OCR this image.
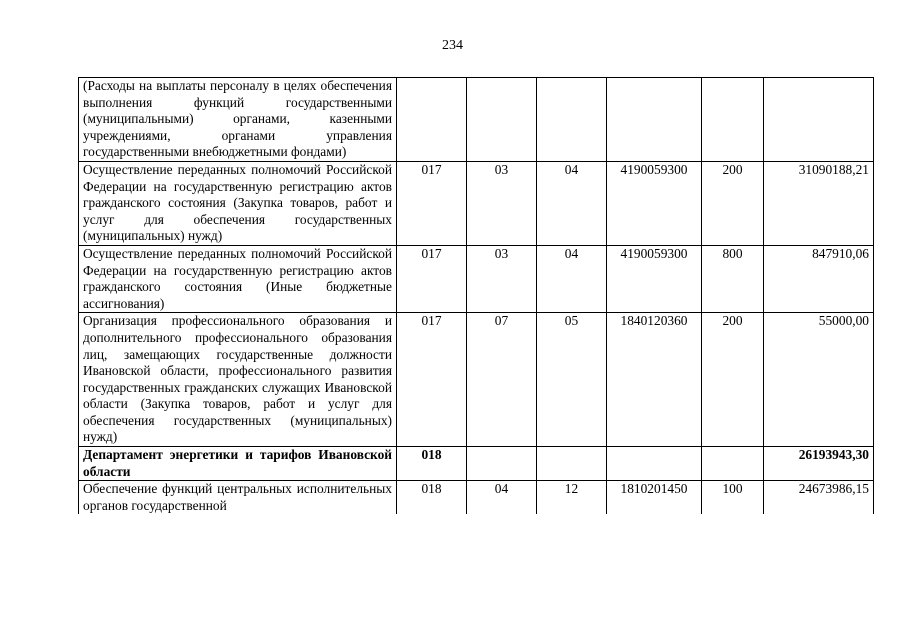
234
(Расходы на выплаты персоналу в целях обеспечения выполнения функций государственными (муниципальными) органами, казенными учреждениями, органами управления государственными внебюджетными фондами)						
Осуществление переданных полномочий Российской Федерации на государственную регистрацию актов гражданского состояния (Закупка товаров, работ и услуг для обеспечения государственных (муниципальных) нужд)	017	03	04	4190059300	200	31090188,21
Осуществление переданных полномочий Российской Федерации на государственную регистрацию актов гражданского состояния (Иные бюджетные ассигнования)	017	03	04	4190059300	800	847910,06
Организация профессионального образования и дополнительного профессионального образования лиц, замещающих государственные должности Ивановской области, профессионального развития государственных гражданских служащих Ивановской области (Закупка товаров, работ и услуг для обеспечения государственных (муниципальных) нужд)	017	07	05	1840120360	200	55000,00
Департамент энергетики и тарифов Ивановской области	018					26193943,30
Обеспечение функций центральных исполнительных органов государственной	018	04	12	1810201450	100	24673986,15
